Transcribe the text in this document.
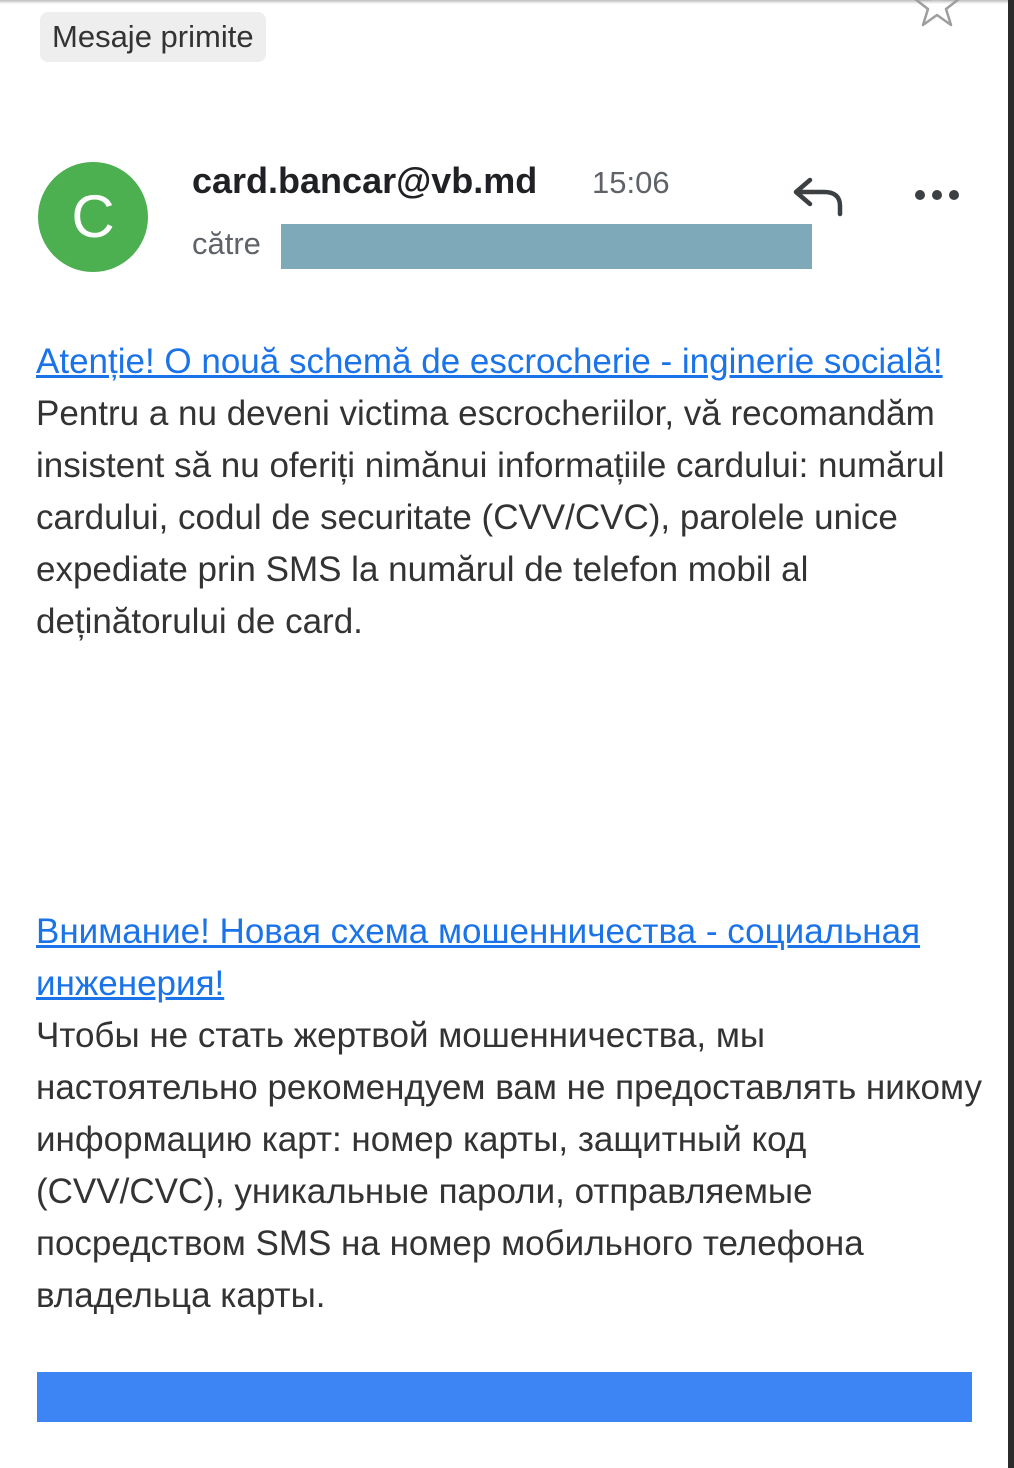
Mesaje primite
C
card.bancar@vb.md 15:06
către
Atenție! O nouă schemă de escrocherie - inginerie socială!
Pentru a nu deveni victima escrocheriilor, vă recomandăm insistent să nu oferiți nimănui informațiile cardului: numărul cardului, codul de securitate (CVV/CVC), parolele unice expediate prin SMS la numărul de telefon mobil al deținătorului de card.
Внимание! Новая схема мошенничества - социальная инженерия!
Чтобы не стать жертвой мошенничества, мы настоятельно рекомендуем вам не предоставлять никому информацию карт: номер карты, защитный код (CVV/CVC), уникальные пароли, отправляемые посредством SMS на номер мобильного телефона владельца карты.
